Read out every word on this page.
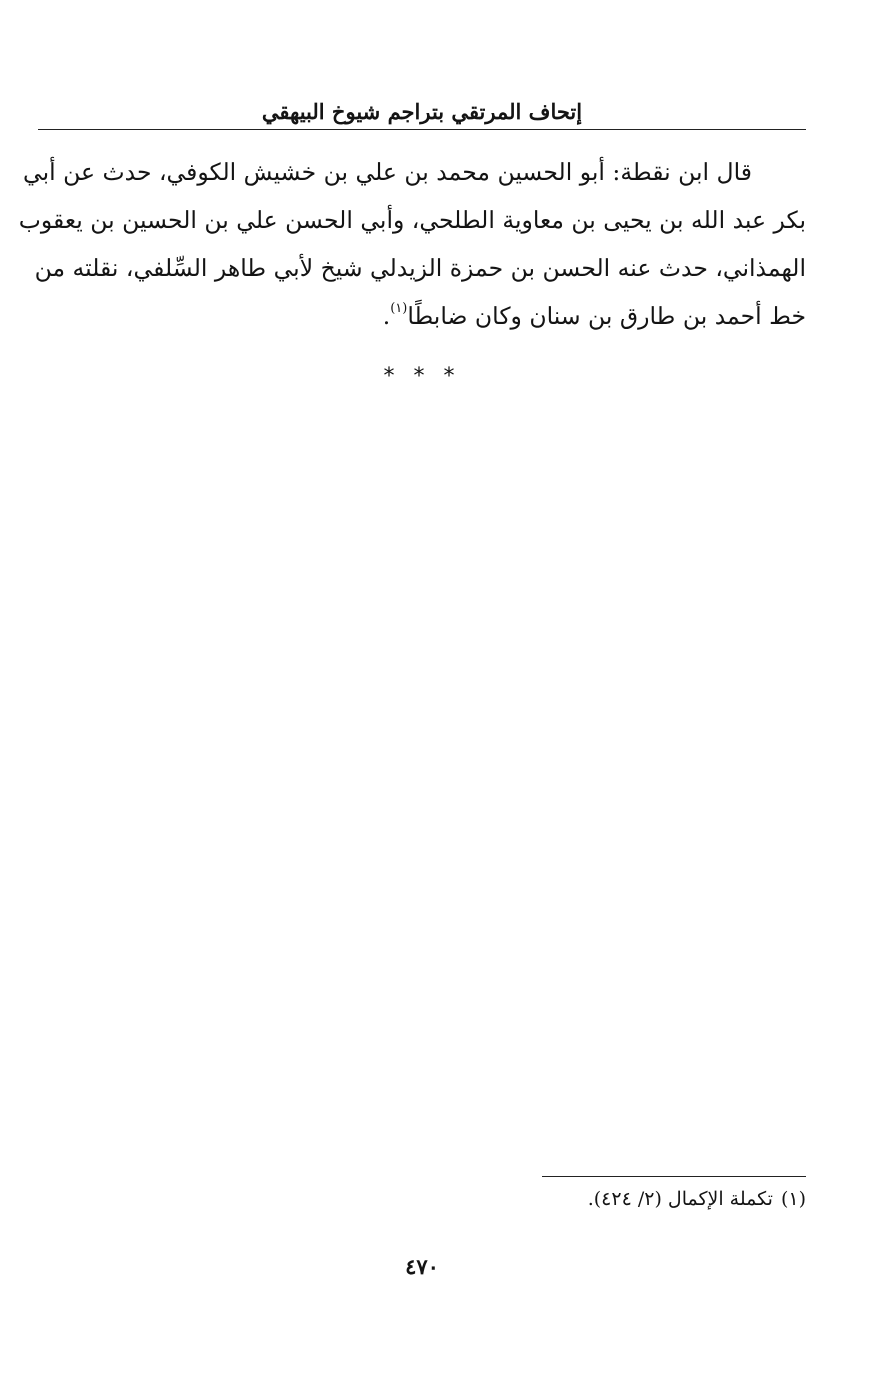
إتحاف المرتقي بتراجم شيوخ البيهقي
قال ابن نقطة: أبو الحسين محمد بن علي بن خشيش الكوفي، حدث عن أبي
بكر عبد الله بن يحيى بن معاوية الطلحي، وأبي الحسن علي بن الحسين بن يعقوب
الهمذاني، حدث عنه الحسن بن حمزة الزيدلي شيخ لأبي طاهر السِّلفي، نقلته من
خط أحمد بن طارق بن سنان وكان ضابطًا$^{(١)}$.
* * *
(١)تكملة الإكمال (٢/ ٤٢٤).
٤٧٠
